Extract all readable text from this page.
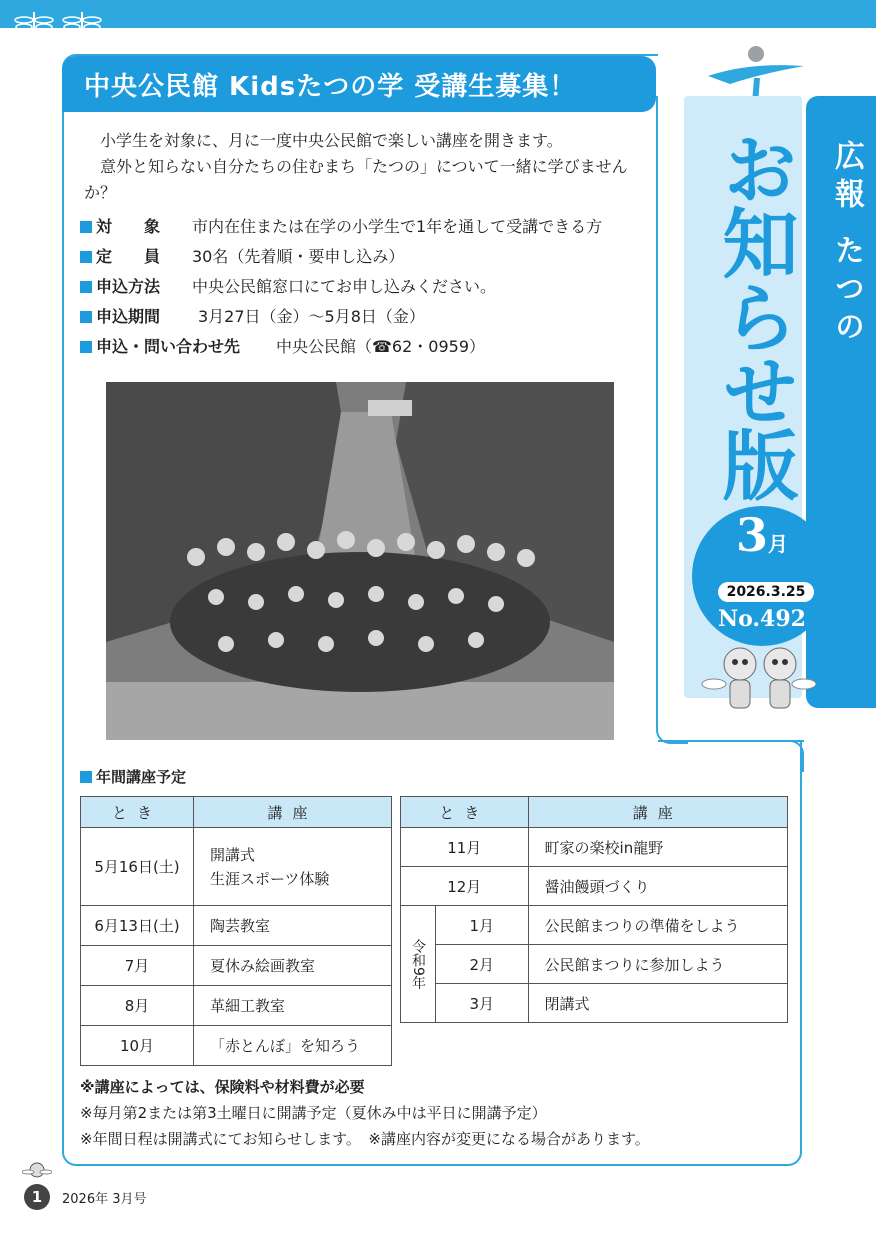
中央公民館 Kidsたつの学 受講生募集！

小学生を対象に、月に一度中央公民館で楽しい講座を開きます。

意外と知らない自分たちの住むまち「たつの」について一緒に学びませんか？

対　　象	市内在住または在学の小学生で1年を通して受講できる方
定　　員	30名（先着順・要申し込み）
申込方法	中央公民館窓口にてお申し込みください。
申込期間	3月27日（金）～5月8日（金）
申込・問い合わせ先	中央公民館（☎62・0959）
年間講座予定
とき	講座
5月16日(土)	開講式
生涯スポーツ体験

6月13日(土)	陶芸教室
7月	夏休み絵画教室
8月	革細工教室
10月	「赤とんぼ」を知ろう
とき		講座
11月		町家の楽校in龍野
12月		醤油饅頭づくり
令和9年	1月	公民館まつりの準備をしよう
	2月	公民館まつりに参加しよう
	3月	閉講式
※講座によっては、保険料や材料費が必要
※毎月第2または第3土曜日に開講予定（夏休み中は平日に開講予定）
※年間日程は開講式にてお知らせします。　※講座内容が変更になる場合があります。
広報 たつの
お知らせ版
3月
2026.3.25
No.492
1	2026年 3月号
